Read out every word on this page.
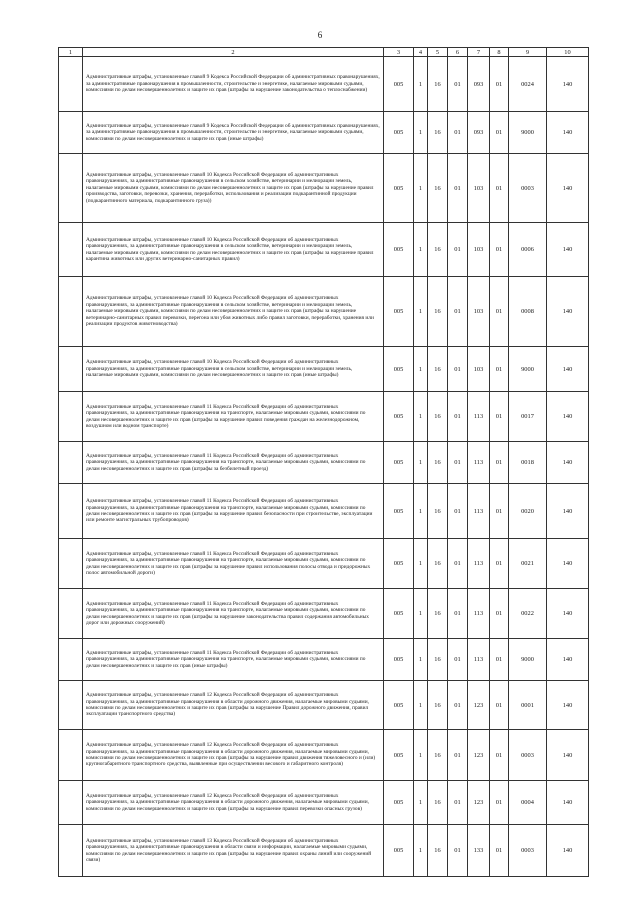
6
1	2	3	4	5	6	7	8	9	10
	Административные штрафы, установленные главой 9 Кодекса Российской Федерации об административных правонарушениях, за административные правонарушения в промышленности, строительстве и энергетике, налагаемые мировыми судьями, комиссиями по делам несовершеннолетних и защите их прав (штрафы за нарушение законодательства о теплоснабжении)	005	1	16	01	093	01	0024	140
	Административные штрафы, установленные главой 9 Кодекса Российской Федерации об административных правонарушениях, за административные правонарушения в промышленности, строительстве и энергетике, налагаемые мировыми судьями, комиссиями по делам несовершеннолетних и защите их прав (иные штрафы)	005	1	16	01	093	01	9000	140
	Административные штрафы, установленные главой 10 Кодекса Российской Федерации об административных правонарушениях, за административные правонарушения в сельском хозяйстве, ветеринарии и мелиорации земель, налагаемые мировыми судьями, комиссиями по делам несовершеннолетних и защите их прав (штрафы за нарушение правил производства, заготовки, перевозки, хранения, переработки, использования и реализации подкарантинной продукции (подкарантинного материала, подкарантинного груза))	005	1	16	01	103	01	0003	140
	Административные штрафы, установленные главой 10 Кодекса Российской Федерации об административных правонарушениях, за административные правонарушения в сельском хозяйстве, ветеринарии и мелиорации земель, налагаемые мировыми судьями, комиссиями по делам несовершеннолетних и защите их прав (штрафы за нарушение правил карантина животных или других ветеринарно-санитарных правил)	005	1	16	01	103	01	0006	140
	Административные штрафы, установленные главой 10 Кодекса Российской Федерации об административных правонарушениях, за административные правонарушения в сельском хозяйстве, ветеринарии и мелиорации земель, налагаемые мировыми судьями, комиссиями по делам несовершеннолетних и защите их прав (штрафы за нарушение ветеринарно-санитарных правил перевозки, перегона или убоя животных либо правил заготовки, переработки, хранения или реализации продуктов животноводства)	005	1	16	01	103	01	0008	140
	Административные штрафы, установленные главой 10 Кодекса Российской Федерации об административных правонарушениях, за административные правонарушения в сельском хозяйстве, ветеринарии и мелиорации земель, налагаемые мировыми судьями, комиссиями по делам несовершеннолетних и защите их прав (иные штрафы)	005	1	16	01	103	01	9000	140
	Административные штрафы, установленные главой 11 Кодекса Российской Федерации об административных правонарушениях, за административные правонарушения на транспорте, налагаемые мировыми судьями, комиссиями по делам несовершеннолетних и защите их прав (штрафы за нарушение правил поведения граждан на железнодорожном, воздушном или водном транспорте)	005	1	16	01	113	01	0017	140
	Административные штрафы, установленные главой 11 Кодекса Российской Федерации об административных правонарушениях, за административные правонарушения на транспорте, налагаемые мировыми судьями, комиссиями по делам несовершеннолетних и защите их прав (штрафы за безбилетный проезд)	005	1	16	01	113	01	0018	140
	Административные штрафы, установленные главой 11 Кодекса Российской Федерации об административных правонарушениях, за административные правонарушения на транспорте, налагаемые мировыми судьями, комиссиями по делам несовершеннолетних и защите их прав (штрафы за нарушение правил безопасности при строительстве, эксплуатации или ремонте магистральных трубопроводов)	005	1	16	01	113	01	0020	140
	Административные штрафы, установленные главой 11 Кодекса Российской Федерации об административных правонарушениях, за административные правонарушения на транспорте, налагаемые мировыми судьями, комиссиями по делам несовершеннолетних и защите их прав (штрафы за нарушение правил использования полосы отвода и придорожных полос автомобильной дороги)	005	1	16	01	113	01	0021	140
	Административные штрафы, установленные главой 11 Кодекса Российской Федерации об административных правонарушениях, за административные правонарушения на транспорте, налагаемые мировыми судьями, комиссиями по делам несовершеннолетних и защите их прав (штрафы за нарушение законодательства правил содержания автомобильных дорог или дорожных сооружений)	005	1	16	01	113	01	0022	140
	Административные штрафы, установленные главой 11 Кодекса Российской Федерации об административных правонарушениях, за административные правонарушения на транспорте, налагаемые мировыми судьями, комиссиями по делам несовершеннолетних и защите их прав (иные штрафы)	005	1	16	01	113	01	9000	140
	Административные штрафы, установленные главой 12 Кодекса Российской Федерации об административных правонарушениях, за административные правонарушения в области дорожного движения, налагаемые мировыми судьями, комиссиями по делам несовершеннолетних и защите их прав (штрафы за нарушение Правил дорожного движения, правил эксплуатации транспортного средства)	005	1	16	01	123	01	0001	140
	Административные штрафы, установленные главой 12 Кодекса Российской Федерации об административных правонарушениях, за административные правонарушения в области дорожного движения, налагаемые мировыми судьями, комиссиями по делам несовершеннолетних и защите их прав (штрафы за нарушение правил движения тяжеловесного и (или) крупногабаритного транспортного средства, выявленные при осуществлении весового и габаритного контроля)	005	1	16	01	123	01	0003	140
	Административные штрафы, установленные главой 12 Кодекса Российской Федерации об административных правонарушениях, за административные правонарушения в области дорожного движения, налагаемые мировыми судьями, комиссиями по делам несовершеннолетних и защите их прав (штрафы за нарушение правил перевозки опасных грузов)	005	1	16	01	123	01	0004	140
	Административные штрафы, установленные главой 13 Кодекса Российской Федерации об административных правонарушениях, за административные правонарушения в области связи и информации, налагаемые мировыми судьями, комиссиями по делам несовершеннолетних и защите их прав (штрафы за нарушение правил охраны линий или сооружений связи)	005	1	16	01	133	01	0003	140
